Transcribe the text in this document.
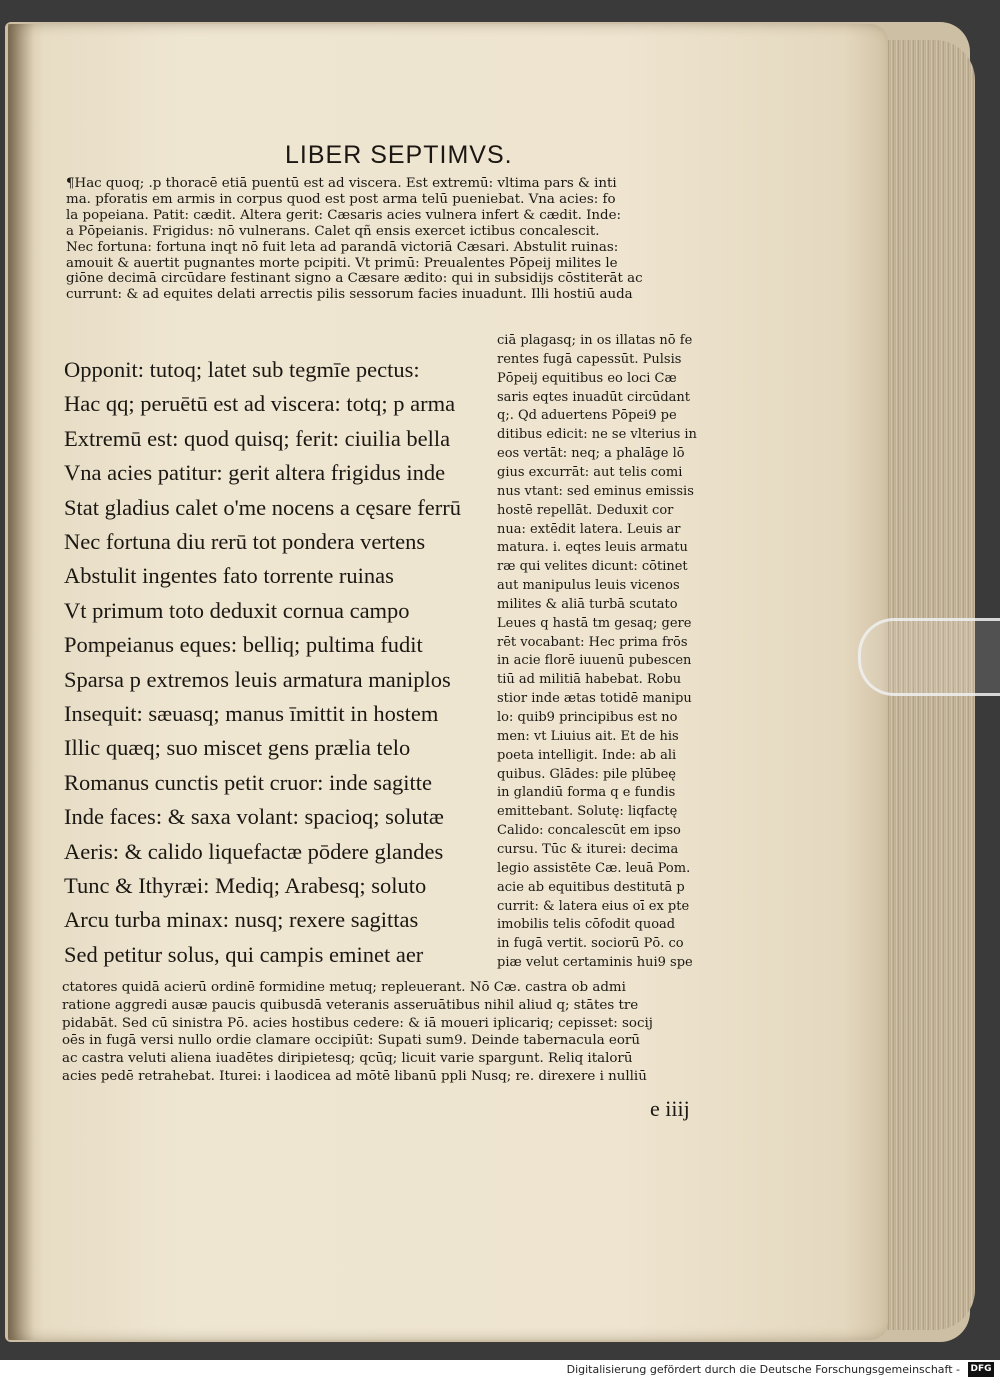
LIBER SEPTIMVS.
¶Hac quoq; .p thoracē etiā puentū est ad viscera. Est extremū: vltima pars & inti
ma. pforatis em armis in corpus quod est post arma telū pueniebat. Vna acies: fo
la popeiana. Patit: cædit. Altera gerit: Cæsaris acies vulnera infert & cædit. Inde:
a Pōpeianis. Frigidus: nō vulnerans. Calet qñ ensis exercet ictibus concalescit.
Nec fortuna: fortuna inqt nō fuit leta ad parandā victoriā Cæsari. Abstulit ruinas:
amouit & auertit pugnantes morte pcipiti. Vt primū: Preualentes Pōpeij milites le
giōne decimā circūdare festinant signo a Cæsare ædito: qui in subsidijs cōstiterāt ac
currunt: & ad equites delati arrectis pilis sessorum facies inuadunt. Illi hostiū auda
Opponit: tutoq; latet sub tegmīe pectus:
Hac qq; peruētū est ad viscera: totq; p arma
Extremū est: quod quisq; ferit: ciuilia bella
Vna acies patitur: gerit altera frigidus inde
Stat gladius calet o'me nocens a cęsare ferrū
Nec fortuna diu rerū tot pondera vertens
Abstulit ingentes fato torrente ruinas
Vt primum toto deduxit cornua campo
Pompeianus eques: belliq; pultima fudit
Sparsa p extremos leuis armatura maniplos
Insequit: sæuasq; manus īmittit in hostem
Illic quæq; suo miscet gens prælia telo
Romanus cunctis petit cruor: inde sagitte
Inde faces: & saxa volant: spacioq; solutæ
Aeris: & calido liquefactæ pōdere glandes
Tunc & Ithyræi: Mediq; Arabesq; soluto
Arcu turba minax: nusq; rexere sagittas
Sed petitur solus, qui campis eminet aer
ciā plagasq; in os illatas nō fe
rentes fugā capessūt. Pulsis
Pōpeij equitibus eo loci Cæ
saris eqtes inuadūt circūdant
q;. Qd aduertens Pōpei9 pe
ditibus edicit: ne se vlterius in
eos vertāt: neq; a phalāge lō
gius excurrāt: aut telis comi
nus vtant: sed eminus emissis
hostē repellāt. Deduxit cor
nua: extēdit latera. Leuis ar
matura. i. eqtes leuis armatu
ræ qui velites dicunt: cōtinet
aut manipulus leuis vicenos
milites & aliā turbā scutato
Leues q hastā tm gesaq; gere
rēt vocabant: Hec prima frōs
in acie florē iuuenū pubescen
tiū ad militiā habebat. Robu
stior inde ætas totidē manipu
lo: quib9 principibus est no
men: vt Liuius ait. Et de his
poeta intelligit. Inde: ab ali
quibus. Glādes: pile plūbeę
in glandiū forma q e fundis
emittebant. Solutę: liqfactę
Calido: concalescūt em ipso
cursu. Tūc & iturei: decima
legio assistēte Cæ. leuā Pom.
acie ab equitibus destitutā p
currit: & latera eius oī ex pte
imobilis telis cōfodit quoad
in fugā vertit. sociorū Pō. co
piæ velut certaminis hui9 spe
ctatores quidā acierū ordinē formidine metuq; repleuerant. Nō Cæ. castra ob admi
ratione aggredi ausæ paucis quibusdā veteranis asseruātibus nihil aliud q; stātes tre
pidabāt. Sed cū sinistra Pō. acies hostibus cedere: & iā moueri iplicariq; cepisset: socij
oēs in fugā versi nullo ordie clamare occipiūt: Supati sum9. Deinde tabernacula eorū
ac castra veluti aliena iuadētes diripietesq; qcūq; licuit varie spargunt. Reliq italorū
acies pedē retrahebat. Iturei: i laodicea ad mōtē libanū ppli Nusq; re. direxere i nulliū
e iiij
Digitalisierung gefördert durch die Deutsche Forschungsgemeinschaft - DFG
